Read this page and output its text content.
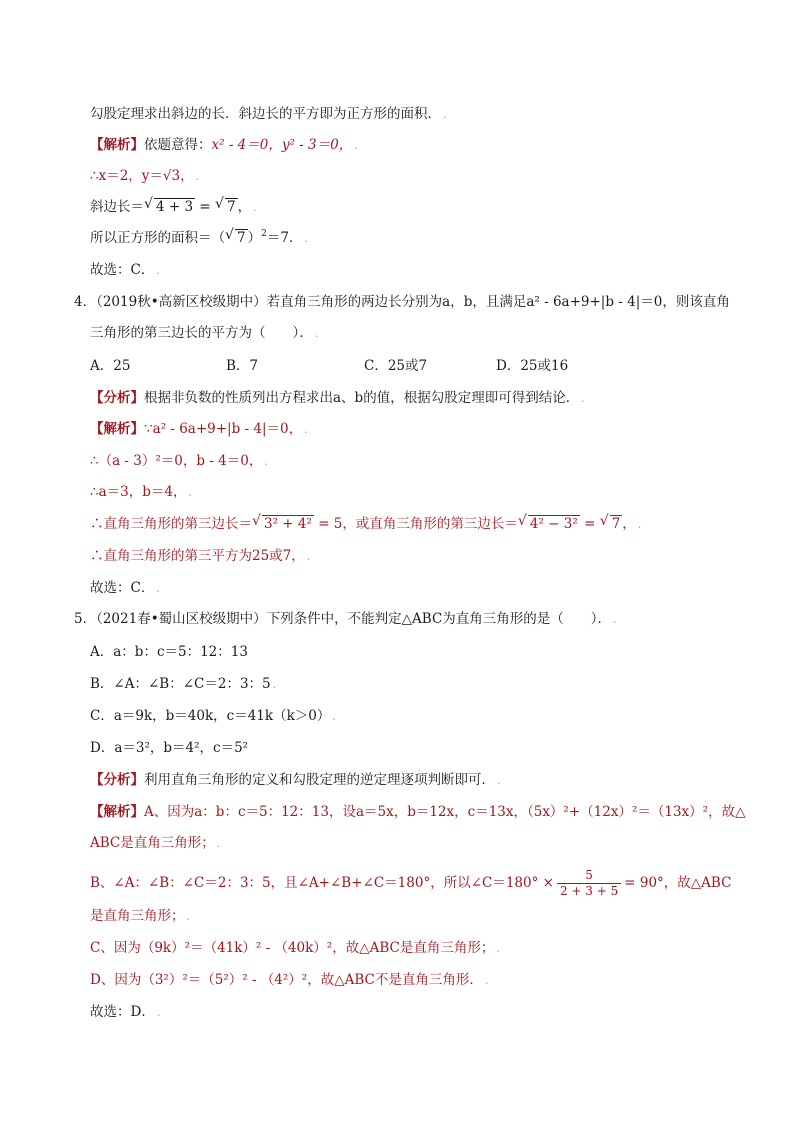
勾股定理求出斜边的长．斜边长的平方即为正方形的面积． .
【解析】依题意得：x² - 4＝0，y² - 3＝0， .
∴x＝2，y＝√3， .
斜边长＝ √ 4 + 3 = √ 7 ， .
所以正方形的面积＝（ √ 7 ）$^2$＝7． .
故选：C． .
4．（2019秋•高新区校级期中）若直角三角形的两边长分别为a，b，且满足a² - 6a+9+|b - 4|＝0，则该直角
三角形的第三边长的平方为（　　）． .
A．25	B．7	C．25或7	D．25或16
【分析】根据非负数的性质列出方程求出a、b的值，根据勾股定理即可得到结论． .
【解析】∵a² - 6a+9+|b - 4|＝0， .
∴（a - 3）²＝0，b - 4＝0， .
∴a＝3，b＝4， .
∴直角三角形的第三边长＝ √ 3² + 4² = 5，或直角三角形的第三边长＝ √ 4² − 3² = √ 7 ， .
∴直角三角形的第三平方为25或7， .
故选：C． .
5．（2021春•蜀山区校级期中）下列条件中，不能判定△ABC为直角三角形的是（　　）． .
A．a：b：c＝5：12：13
B．∠A：∠B：∠C＝2：3：5 .
C．a＝9k，b＝40k，c＝41k（k＞0） .
D．a＝3²，b＝4²，c＝5²
【分析】利用直角三角形的定义和勾股定理的逆定理逐项判断即可． .
【解析】A、因为a：b：c＝5：12：13，设a＝5x，b＝12x，c＝13x，（5x）²+（12x）²＝（13x）²，故△
ABC是直角三角形； .
B、∠A：∠B：∠C＝2：3：5，且∠A+∠B+∠C＝180°，所以∠C＝180° × $\frac{5}{2 + 3 + 5} = 90^\circ$，故△ABC
是直角三角形； .
C、因为（9k）²＝（41k）² - （40k）²，故△ABC是直角三角形； .
D、因为（3²）²＝（5²）² - （4²）²，故△ABC不是直角三角形． .
故选：D． .
